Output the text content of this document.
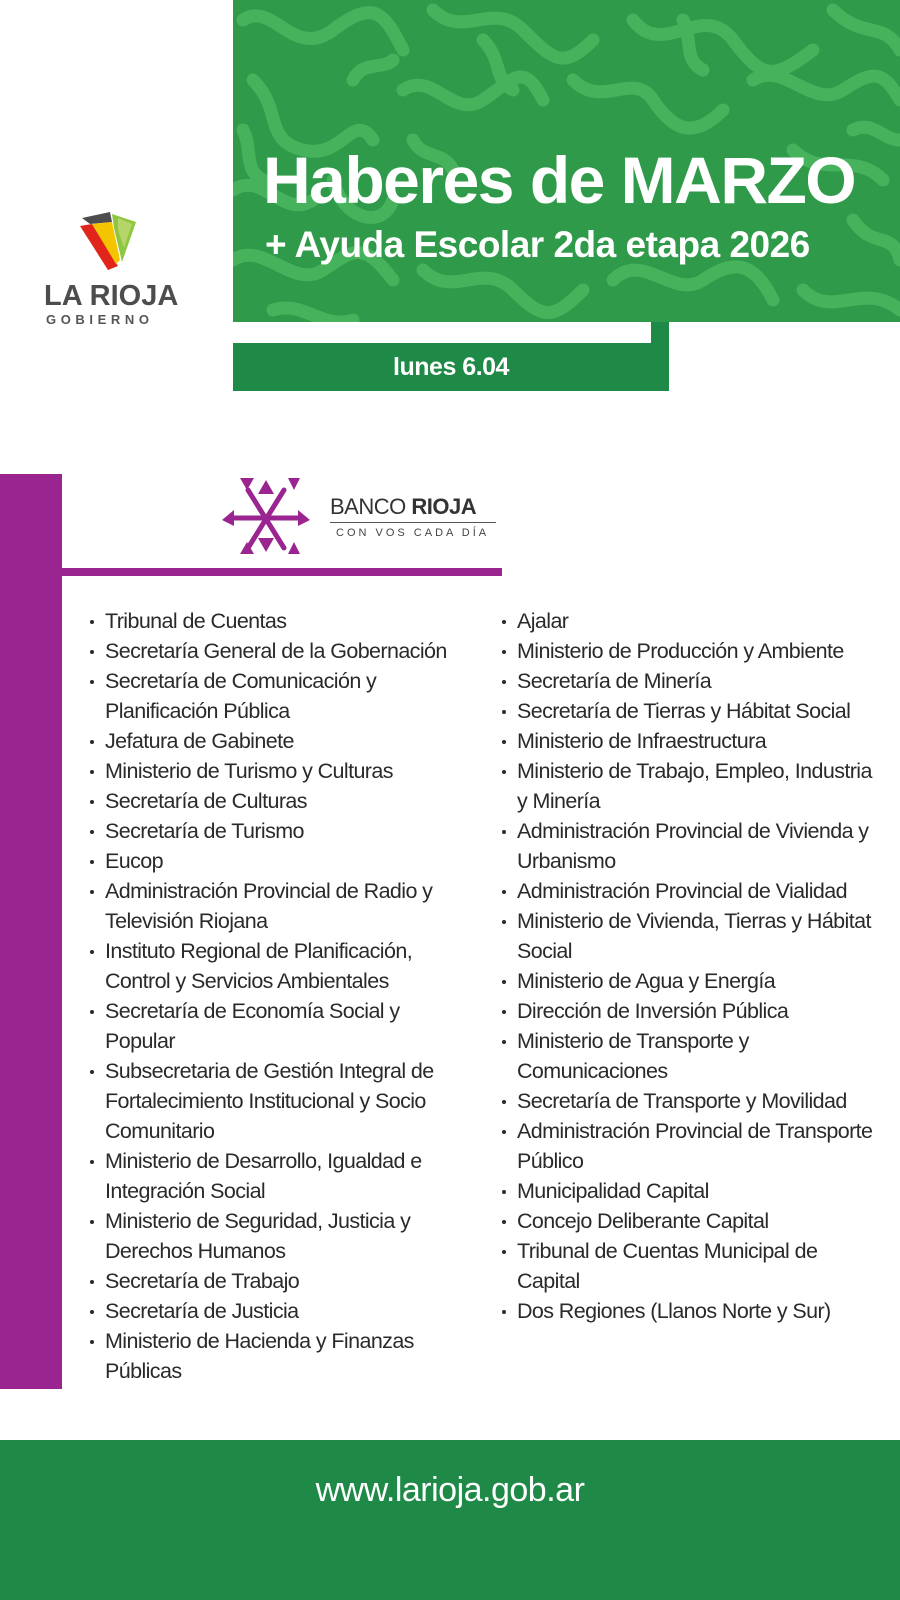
LA RIOJA
GOBIERNO
Haberes de MARZO
+ Ayuda Escolar 2da etapa 2026
lunes 6.04
BANCO RIOJA
CON VOS CADA DÍA
Tribunal de Cuentas
Secretaría General de la Gobernación
Secretaría de Comunicación y Planificación Pública
Jefatura de Gabinete
Ministerio de Turismo y Culturas
Secretaría de Culturas
Secretaría de Turismo
Eucop
Administración Provincial de Radio y Televisión Riojana
Instituto Regional de Planificación, Control y Servicios Ambientales
Secretaría de Economía Social y Popular
Subsecretaria de Gestión Integral de Fortalecimiento Institucional y Socio Comunitario
Ministerio de Desarrollo, Igualdad e Integración Social
Ministerio de Seguridad, Justicia y Derechos Humanos
Secretaría de Trabajo
Secretaría de Justicia
Ministerio de Hacienda y Finanzas Públicas
Ajalar
Ministerio de Producción y Ambiente
Secretaría de Minería
Secretaría de Tierras y Hábitat Social
Ministerio de Infraestructura
Ministerio de Trabajo, Empleo, Industria y Minería
Administración Provincial de Vivienda y Urbanismo
Administración Provincial de Vialidad
Ministerio de Vivienda, Tierras y Hábitat Social
Ministerio de Agua y Energía
Dirección de Inversión Pública
Ministerio de Transporte y Comunicaciones
Secretaría de Transporte y Movilidad
Administración Provincial de Transporte Público
Municipalidad Capital
Concejo Deliberante Capital
Tribunal de Cuentas Municipal de Capital
Dos Regiones (Llanos Norte y Sur)
www.larioja.gob.ar
